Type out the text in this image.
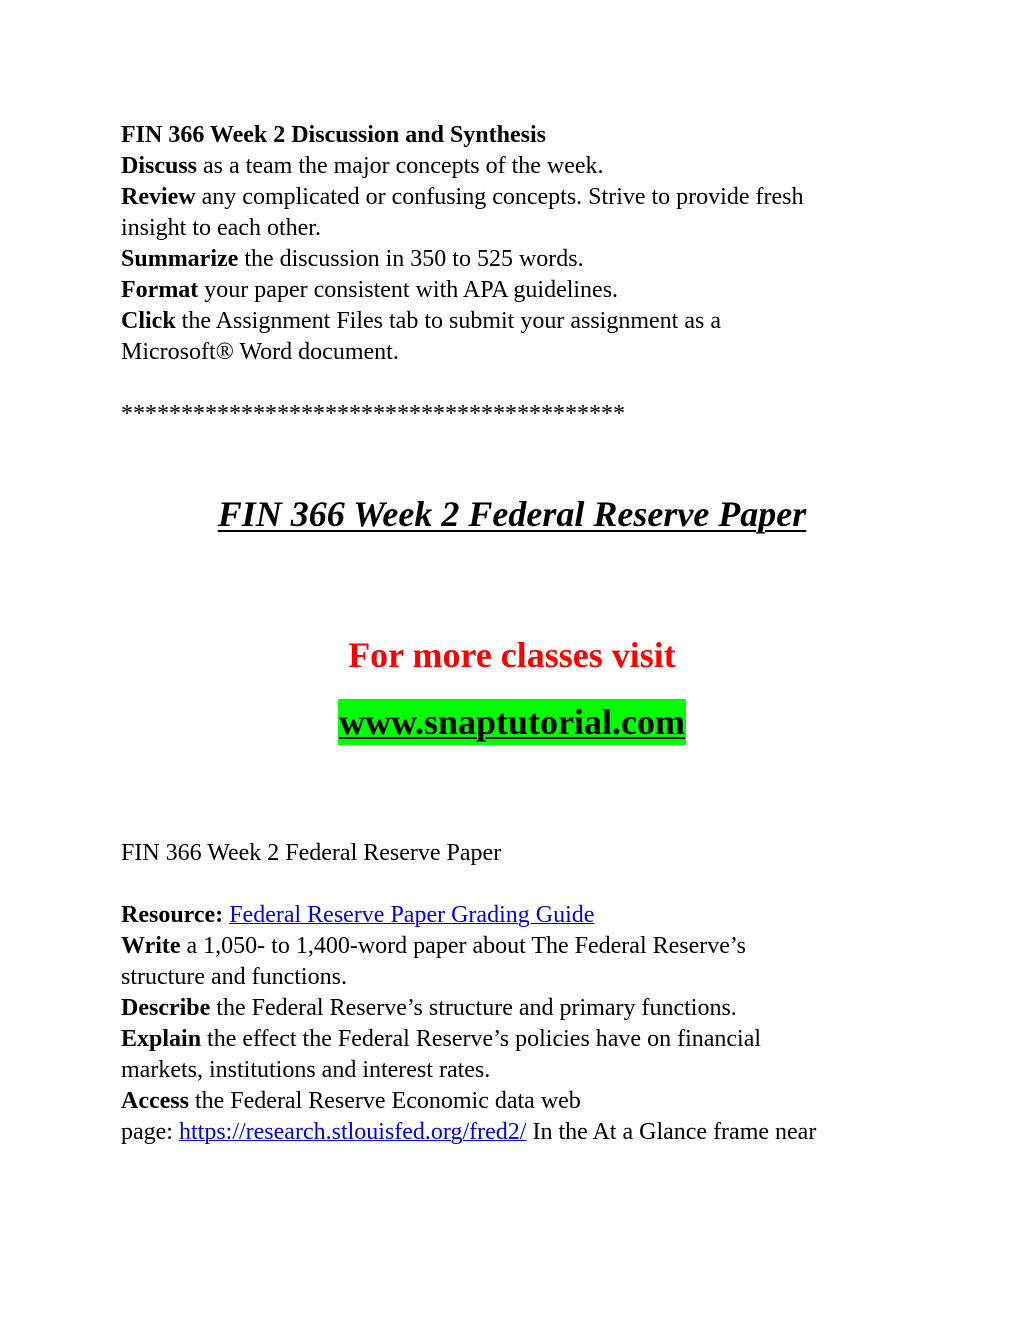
FIN 366 Week 2 Discussion and Synthesis

Discuss as a team the major concepts of the week.

Review any complicated or confusing concepts. Strive to provide fresh

insight to each other.

Summarize the discussion in 350 to 525 words.

Format your paper consistent with APA guidelines.

Click the Assignment Files tab to submit your assignment as a

Microsoft® Word document.

******************************************

FIN 366 Week 2 Federal Reserve Paper
For more classes visit
www.snaptutorial.com

FIN 366 Week 2 Federal Reserve Paper

Resource: Federal Reserve Paper Grading Guide

Write a 1,050- to 1,400-word paper about The Federal Reserve’s

structure and functions.

Describe the Federal Reserve’s structure and primary functions.

Explain the effect the Federal Reserve’s policies have on financial

markets, institutions and interest rates.

Access the Federal Reserve Economic data web

page: https://research.stlouisfed.org/fred2/ In the At a Glance frame near
